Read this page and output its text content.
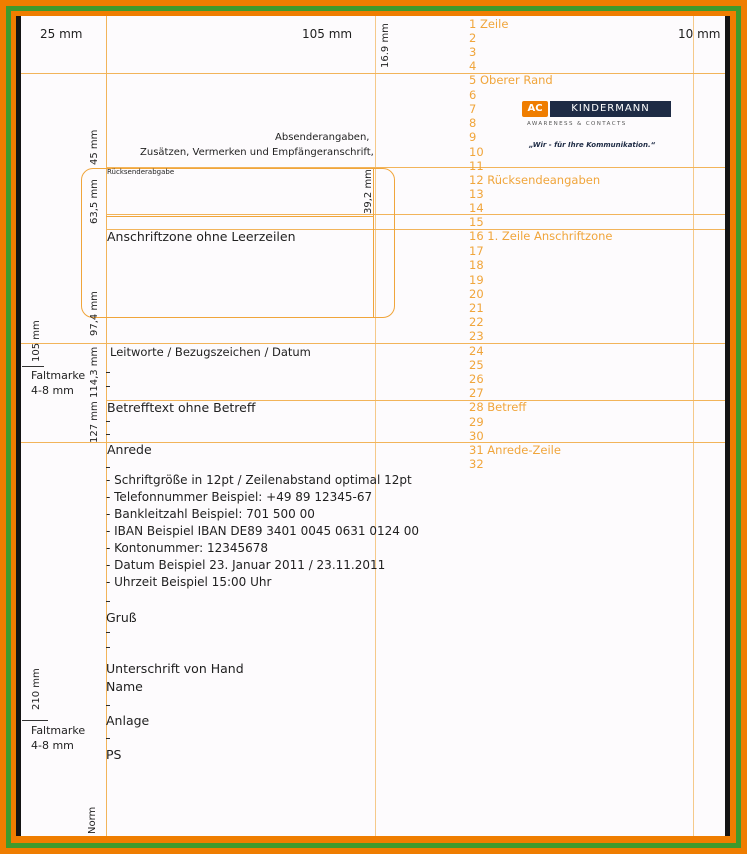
25 mm	105 mm	10 mm
16.9 mm
AC	KINDERMANN
AWARENESS & CONTACTS
„Wir - für Ihre Kommunikation.“
Absenderangaben,
Zusätzen, Vermerken und Empfängeranschrift,
Rücksenderabgabe
Anschriftzone ohne Leerzeilen
Leitworte / Bezugszeichen / Datum
Betrefftext ohne Betreff
Anrede
- Schriftgröße in 12pt / Zeilenabstand optimal 12pt
- Telefonnummer Beispiel: +49 89 12345-67
- Bankleitzahl Beispiel: 701 500 00
- IBAN Beispiel IBAN DE89 3401 0045 0631 0124 00
- Kontonummer: 12345678
- Datum Beispiel 23. Januar 2011 / 23.11.2011
- Uhrzeit Beispiel 15:00 Uhr
Gruß
Unterschrift von Hand
Name
Anlage
PS
45 mm
63,5 mm	39,2 mm
97,4 mm
114,3 mm
127 mm
Norm
105 mm
Faltmarke
4-8 mm
210 mm
Faltmarke
4-8 mm
1 Zeile
2
3
4
5 Oberer Rand
6
7
8
9
10
11
12 Rücksendeangaben
13
14
15
16 1. Zeile Anschriftzone
17
18
19
20
21
22
23
24
25
26
27
28 Betreff
29
30
31 Anrede-Zeile
32
